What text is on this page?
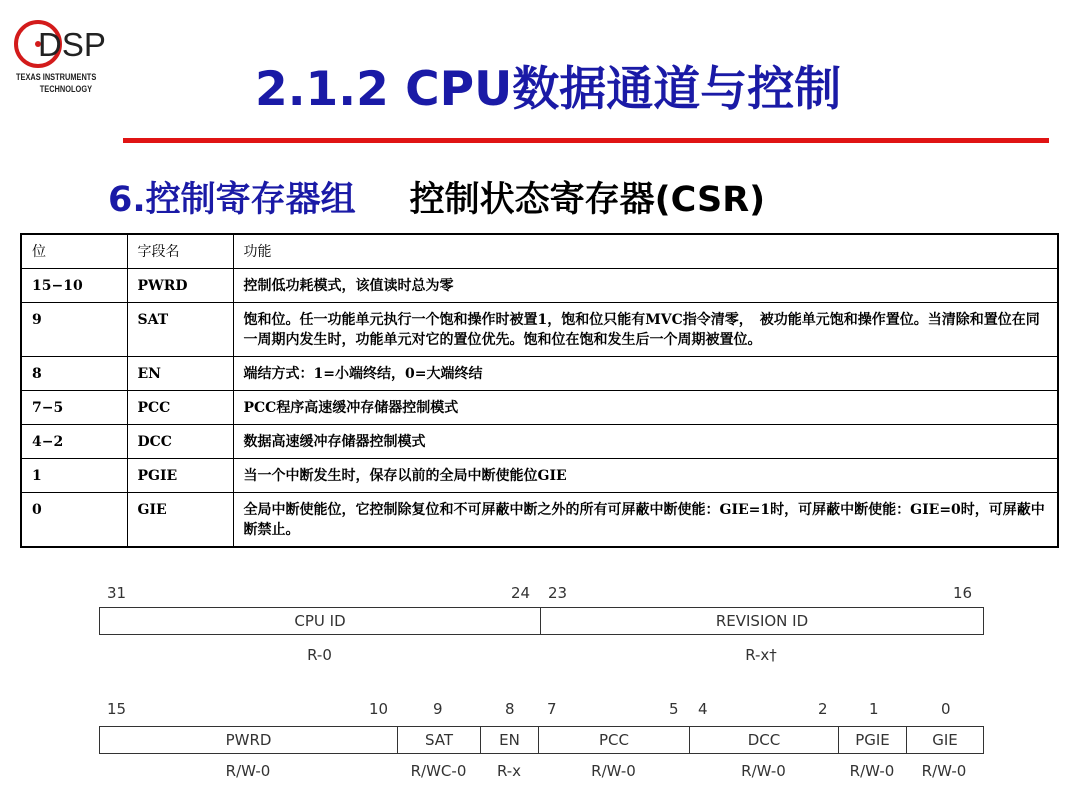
DSP
TEXAS INSTRUMENTS
TECHNOLOGY	2.1.2 CPU数据通道与控制
6.控制寄存器组 控制状态寄存器(CSR)
位	字段名	功能
15−10	PWRD	控制低功耗模式，该值读时总为零
9	SAT	饱和位。任一功能单元执行一个饱和操作时被置1，饱和位只能有MVC指令清零，　被功能单元饱和操作置位。当清除和置位在同一周期内发生时，功能单元对它的置位优先。饱和位在饱和发生后一个周期被置位。
8	EN	端结方式：1=小端终结，0=大端终结
7−5	PCC	PCC程序高速缓冲存储器控制模式
4−2	DCC	数据高速缓冲存储器控制模式
1	PGIE	当一个中断发生时，保存以前的全局中断使能位GIE
0	GIE	全局中断使能位，它控制除复位和不可屏蔽中断之外的所有可屏蔽中断使能：GIE=1时，可屏蔽中断使能：GIE=0时，可屏蔽中断禁止。
31	24 23	16
CPU ID	REVISION ID
R-0	R-x†
15	10	9	8 7	5 4	2	1	0
PWRD	SAT	EN	PCC	DCC	PGIE	GIE
R/W-0	R/WC-0	R-x	R/W-0	R/W-0	R/W-0	R/W-0
